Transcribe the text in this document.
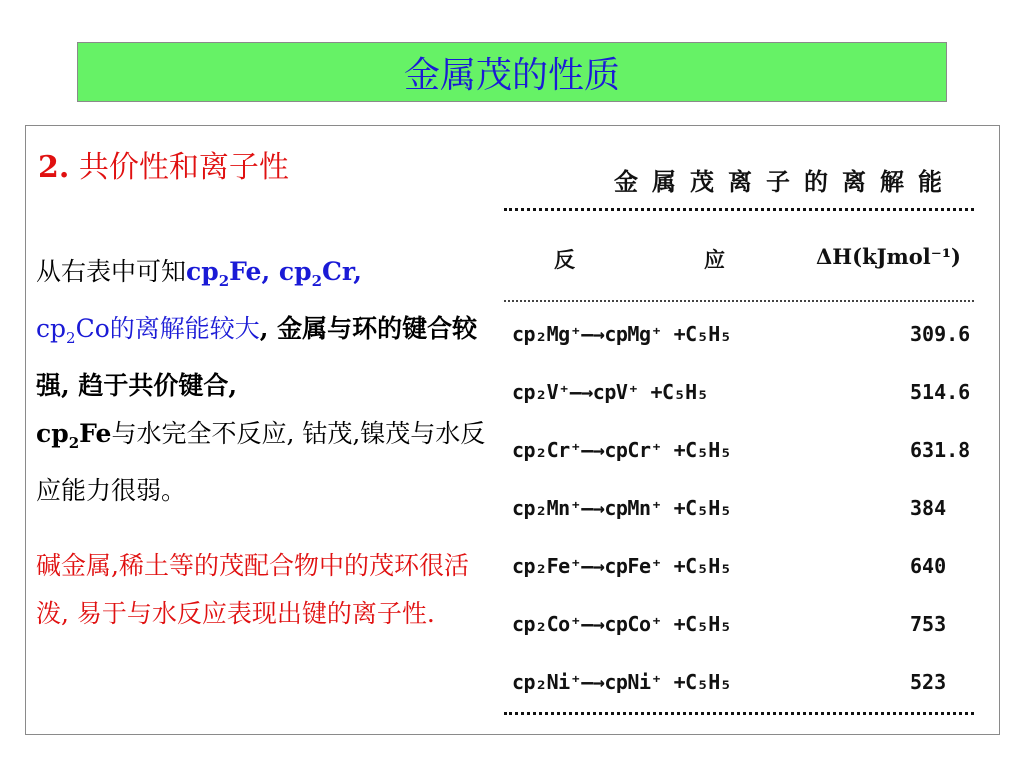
金属茂的性质
2. 共价性和离子性
从右表中可知$cp_2Fe$, $cp_2Cr$,
$cp_2Co$的离解能较大, 金属与环的键合较强, 趋于共价键合,
$cp_2Fe$与水完全不反应, 钴茂,镍茂与水反应能力很弱。
碱金属,稀土等的茂配合物中的茂环很活泼, 易于与水反应表现出键的离子性.
金属茂离子的离解能
反	应	ΔH(kJmol⁻¹)
cp₂Mg⁺—→cpMg⁺ +C₅H₅	309.6
cp₂V⁺—→cpV⁺ +C₅H₅	514.6
cp₂Cr⁺—→cpCr⁺ +C₅H₅	631.8
cp₂Mn⁺—→cpMn⁺ +C₅H₅	384
cp₂Fe⁺—→cpFe⁺ +C₅H₅	640
cp₂Co⁺—→cpCo⁺ +C₅H₅	753
cp₂Ni⁺—→cpNi⁺ +C₅H₅	523
